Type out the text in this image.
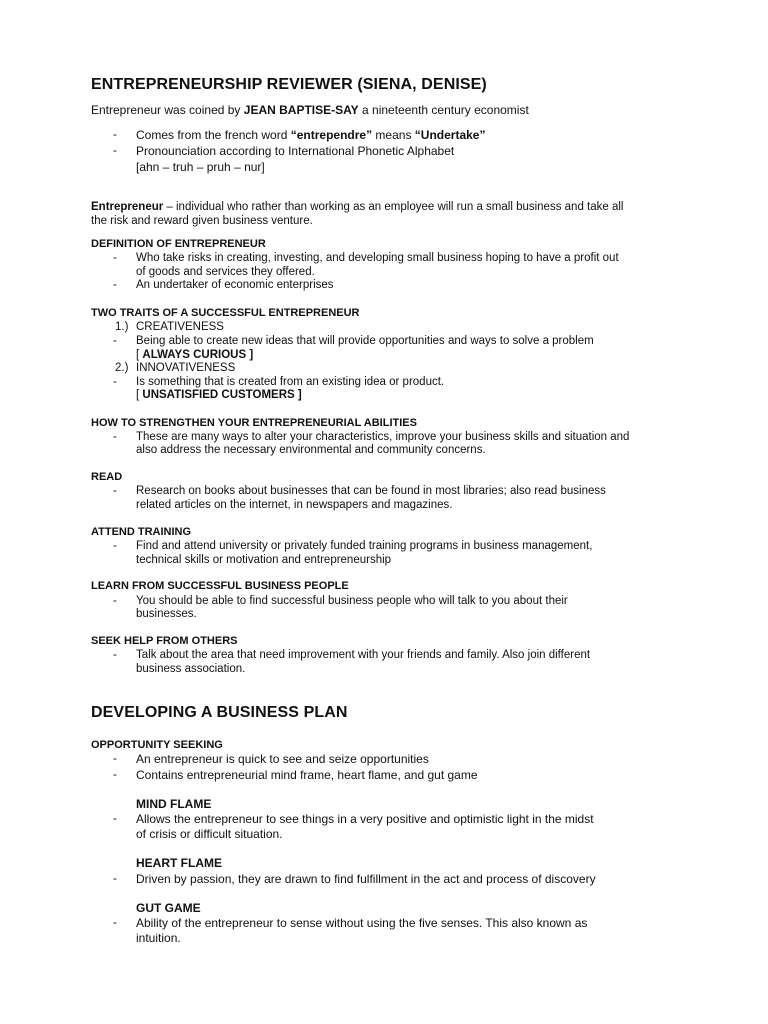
ENTREPRENEURSHIP REVIEWER (SIENA, DENISE)
Entrepreneur was coined by JEAN BAPTISE-SAY a nineteenth century economist
- Comes from the french word “entrependre” means “Undertake”
- Pronounciation according to International Phonetic Alphabet
[ahn – truh – pruh – nur]
Entrepreneur – individual who rather than working as an employee will run a small business and take all
the risk and reward given business venture.
DEFINITION OF ENTREPRENEUR
- Who take risks in creating, investing, and developing small business hoping to have a profit out
of goods and services they offered.
- An undertaker of economic enterprises
TWO TRAITS OF A SUCCESSFUL ENTREPRENEUR
1.) CREATIVENESS
- Being able to create new ideas that will provide opportunities and ways to solve a problem
[ ALWAYS CURIOUS ]
2.) INNOVATIVENESS
- Is something that is created from an existing idea or product.
[ UNSATISFIED CUSTOMERS ]
HOW TO STRENGTHEN YOUR ENTREPRENEURIAL ABILITIES
- These are many ways to alter your characteristics, improve your business skills and situation and
also address the necessary environmental and community concerns.
READ
- Research on books about businesses that can be found in most libraries; also read business
related articles on the internet, in newspapers and magazines.
ATTEND TRAINING
- Find and attend university or privately funded training programs in business management,
technical skills or motivation and entrepreneurship
LEARN FROM SUCCESSFUL BUSINESS PEOPLE
- You should be able to find successful business people who will talk to you about their
businesses.
SEEK HELP FROM OTHERS
- Talk about the area that need improvement with your friends and family. Also join different
business association.
DEVELOPING A BUSINESS PLAN
OPPORTUNITY SEEKING
- An entrepreneur is quick to see and seize opportunities
- Contains entrepreneurial mind frame, heart flame, and gut game
MIND FLAME
- Allows the entrepreneur to see things in a very positive and optimistic light in the midst
of crisis or difficult situation.
HEART FLAME
- Driven by passion, they are drawn to find fulfillment in the act and process of discovery
GUT GAME
- Ability of the entrepreneur to sense without using the five senses. This also known as
intuition.
